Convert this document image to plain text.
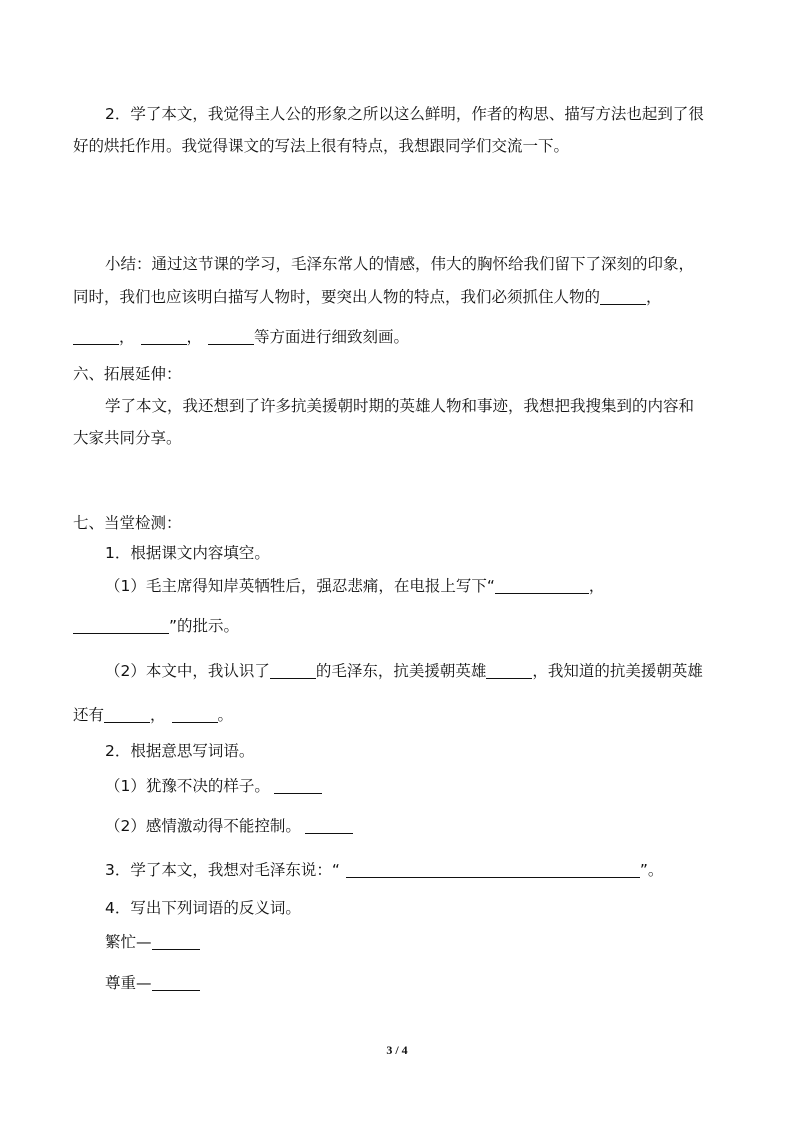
2．学了本文，我觉得主人公的形象之所以这么鲜明，作者的构思、描写方法也起到了很
好的烘托作用。我觉得课文的写法上很有特点，我想跟同学们交流一下。
小结：通过这节课的学习，毛泽东常人的情感，伟大的胸怀给我们留下了深刻的印象，
同时，我们也应该明白描写人物时，要突出人物的特点，我们必须抓住人物的	，
，	，	等方面进行细致刻画。
六、拓展延伸：
学了本文，我还想到了许多抗美援朝时期的英雄人物和事迹，我想把我搜集到的内容和
大家共同分享。
七、当堂检测：
1．根据课文内容填空。
（1）毛主席得知岸英牺牲后，强忍悲痛，在电报上写下“	，
”的批示。
（2）本文中，我认识了	的毛泽东，抗美援朝英雄	，我知道的抗美援朝英雄
还有	，	。
2．根据意思写词语。
（1）犹豫不决的样子。
（2）感情激动得不能控制。
3．学了本文，我想对毛泽东说：“	”。
4．写出下列词语的反义词。
繁忙—
尊重—
3 / 4
